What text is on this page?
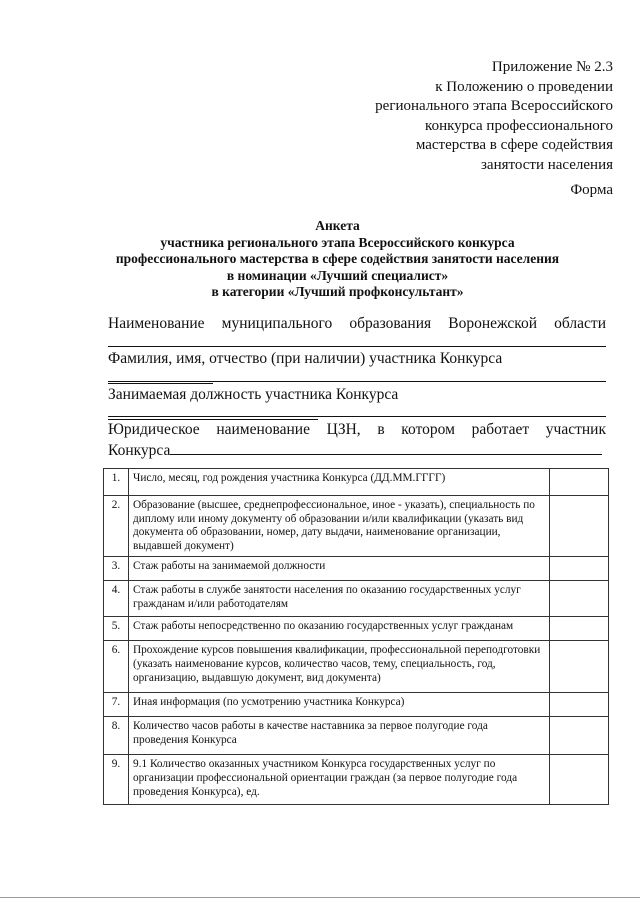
Приложение № 2.3
к Положению о проведении
регионального этапа Всероссийского
конкурса профессионального
мастерства в сфере содействия
занятости населения
Форма
Анкета
участника регионального этапа Всероссийского конкурса
профессионального мастерства в сфере содействия занятости населения
в номинации «Лучший специалист»
в категории «Лучший профконсультант»
Наименование муниципального образования Воронежской области
Фамилия, имя, отчество (при наличии) участника Конкурса
Занимаемая должность участника Конкурса
Юридическое наименование ЦЗН, в котором работает участник
Конкурса
1.	Число, месяц, год рождения участника Конкурса (ДД.ММ.ГГГГ)	
2.	Образование (высшее, среднепрофессиональное, иное - указать), специальность по диплому или иному документу об образовании и/или квалификации (указать вид документа об образовании, номер, дату выдачи, наименование организации, выдавшей документ)	
3.	Стаж работы на занимаемой должности	
4.	Стаж работы в службе занятости населения по оказанию государственных услуг гражданам и/или работодателям	
5.	Стаж работы непосредственно по оказанию государственных услуг гражданам	
6.	Прохождение курсов повышения квалификации, профессиональной переподготовки (указать наименование курсов, количество часов, тему, специальность, год, организацию, выдавшую документ, вид документа)	
7.	Иная информация (по усмотрению участника Конкурса)	
8.	Количество часов работы в качестве наставника за первое полугодие года проведения Конкурса	
9.	9.1 Количество оказанных участником Конкурса государственных услуг по организации профессиональной ориентации граждан (за первое полугодие года проведения Конкурса), ед.	
